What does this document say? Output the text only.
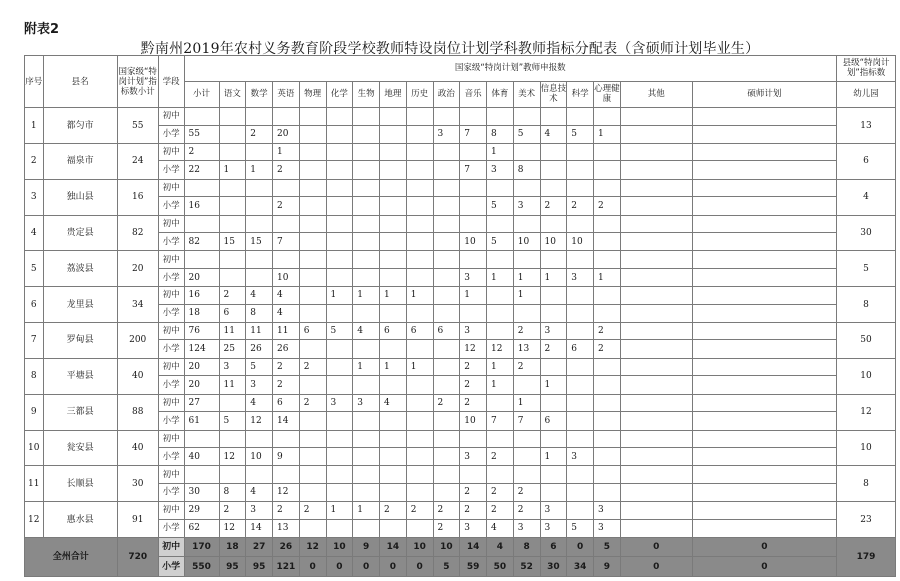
附表2
黔南州2019年农村义务教育阶段学校教师特设岗位计划学科教师指标分配表（含硕师计划毕业生）
序号	县名	国家级“特岗计划”指标数小计	学段	国家级“特岗计划”教师申报数																		县级“特岗计划”指标数
				小计	语文	数学	英语	物理	化学	生物	地理	历史	政治	音乐	体育	美术	信息技术	科学	心理健康	其他	硕师计划	幼儿园
1	都匀市	55	初中																			13
			小学	55		2	20						3	7	8	5	4	5	1			
2	福泉市	24	初中	2			1								1							6
			小学	22	1	1	2							7	3	8						
3	独山县	16	初中																			4
			小学	16			2								5	3	2	2	2			
4	贵定县	82	初中																			30
			小学	82	15	15	7							10	5	10	10	10				
5	荔波县	20	初中																			5
			小学	20			10							3	1	1	1	3	1			
6	龙里县	34	初中	16	2	4	4		1	1	1	1		1		1						8
			小学	18	6	8	4															
7	罗甸县	200	初中	76	11	11	11	6	5	4	6	6	6	3		2	3		2			50
			小学	124	25	26	26							12	12	13	2	6	2			
8	平塘县	40	初中	20	3	5	2	2		1	1	1		2	1	2						10
			小学	20	11	3	2							2	1		1					
9	三都县	88	初中	27		4	6	2	3	3	4		2	2		1						12
			小学	61	5	12	14							10	7	7	6					
10	瓮安县	40	初中																			10
			小学	40	12	10	9							3	2		1	3				
11	长顺县	30	初中																			8
			小学	30	8	4	12							2	2	2						
12	惠水县	91	初中	29	2	3	2	2	1	1	2	2	2	2	2	2	3		3			23
			小学	62	12	14	13						2	3	4	3	3	5	3			
全州合计		720	初中	170	18	27	26	12	10	9	14	10	10	14	4	8	6	0	5	0	0	179
			小学	550	95	95	121	0	0	0	0	0	5	59	50	52	30	34	9	0	0	
